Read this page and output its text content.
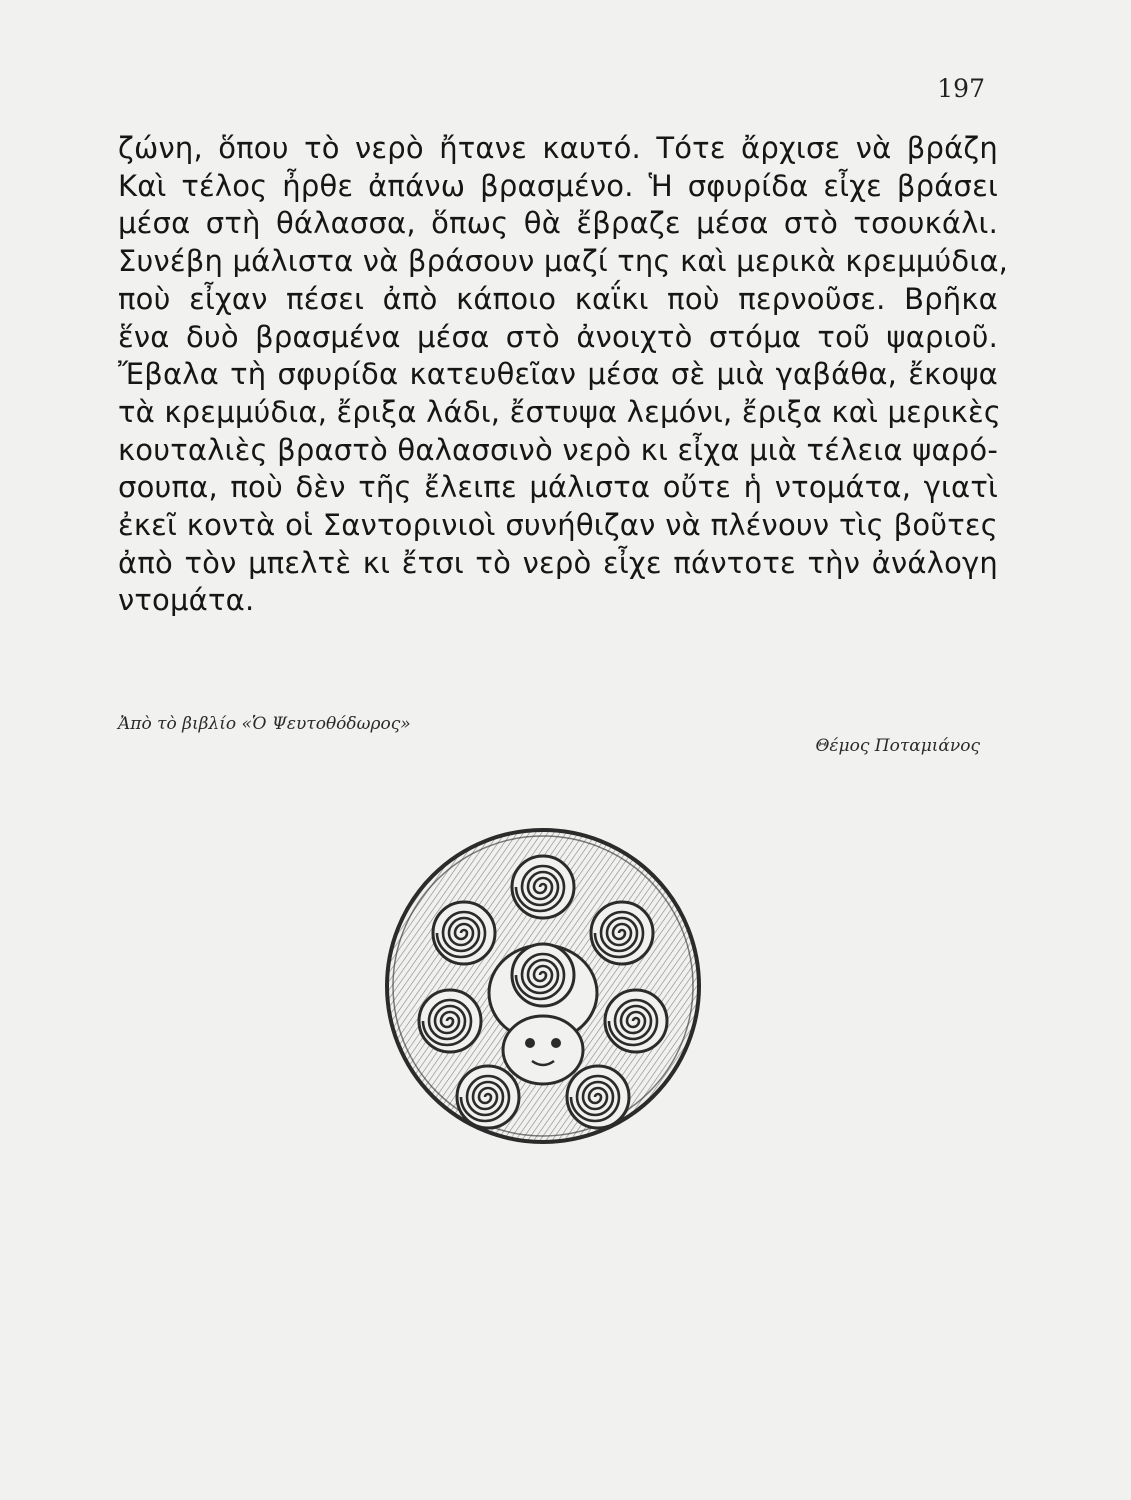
197
ζώνη, ὅπου τὸ νερὸ ἤτανε καυτό. Τότε ἄρχισε νὰ βράζη
Καὶ τέλος ἦρθε ἀπάνω βρασμένο. Ἡ σφυρίδα εἶχε βράσει
μέσα στὴ θάλασσα, ὅπως θὰ ἔβραζε μέσα στὸ τσουκάλι.
Συνέβη μάλιστα νὰ βράσουν μαζί της καὶ μερικὰ κρεμμύδια,
ποὺ εἶχαν πέσει ἀπὸ κάποιο καΐκι ποὺ περνοῦσε. Βρῆκα
ἕνα δυὸ βρασμένα μέσα στὸ ἀνοιχτὸ στόμα τοῦ ψαριοῦ.
Ἔβαλα τὴ σφυρίδα κατευθεῖαν μέσα σὲ μιὰ γαβάθα, ἔκοψα
τὰ κρεμμύδια, ἔριξα λάδι, ἔστυψα λεμόνι, ἔριξα καὶ μερικὲς
κουταλιὲς βραστὸ θαλασσινὸ νερὸ κι εἶχα μιὰ τέλεια ψαρό-
σουπα, ποὺ δὲν τῆς ἔλειπε μάλιστα οὔτε ἡ ντομάτα, γιατὶ
ἐκεῖ κοντὰ οἱ Σαντορινιοὶ συνήθιζαν νὰ πλένουν τὶς βοῦτες
ἀπὸ τὸν μπελτὲ κι ἔτσι τὸ νερὸ εἶχε πάντοτε τὴν ἀνάλογη
ντομάτα.
Ἀπὸ τὸ βιβλίο «Ὁ Ψευτοθόδωρος»
Θέμος Ποταμιάνος
